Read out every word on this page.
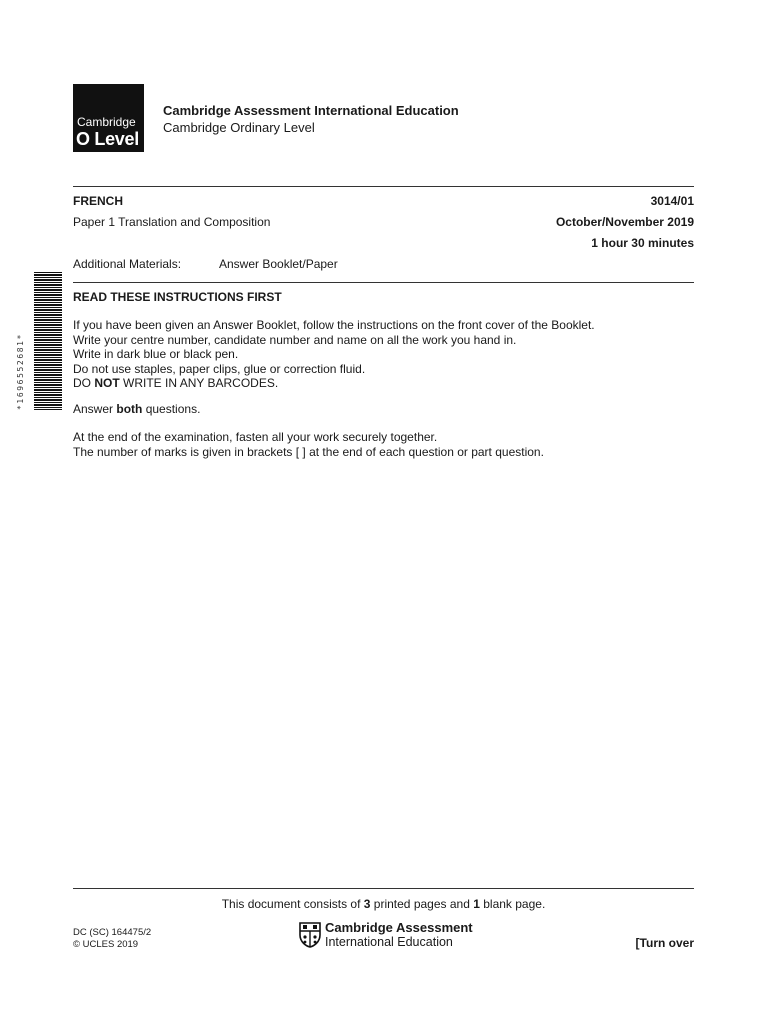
Cambridge
O Level
Cambridge Assessment International Education
Cambridge Ordinary Level
FRENCH	3014/01
Paper 1 Translation and Composition	October/November 2019
1 hour 30 minutes
Additional Materials:	Answer Booklet/Paper
*1696552681*
READ THESE INSTRUCTIONS FIRST

If you have been given an Answer Booklet, follow the instructions on the front cover of the Booklet.

Write your centre number, candidate number and name on all the work you hand in.

Write in dark blue or black pen.

Do not use staples, paper clips, glue or correction fluid.

DO NOT WRITE IN ANY BARCODES.

Answer both questions.

At the end of the examination, fasten all your work securely together.

The number of marks is given in brackets [ ] at the end of each question or part question.

This document consists of 3 printed pages and 1 blank page.
DC (SC) 164475/2
© UCLES 2019
Cambridge Assessment
International Education	[Turn over
